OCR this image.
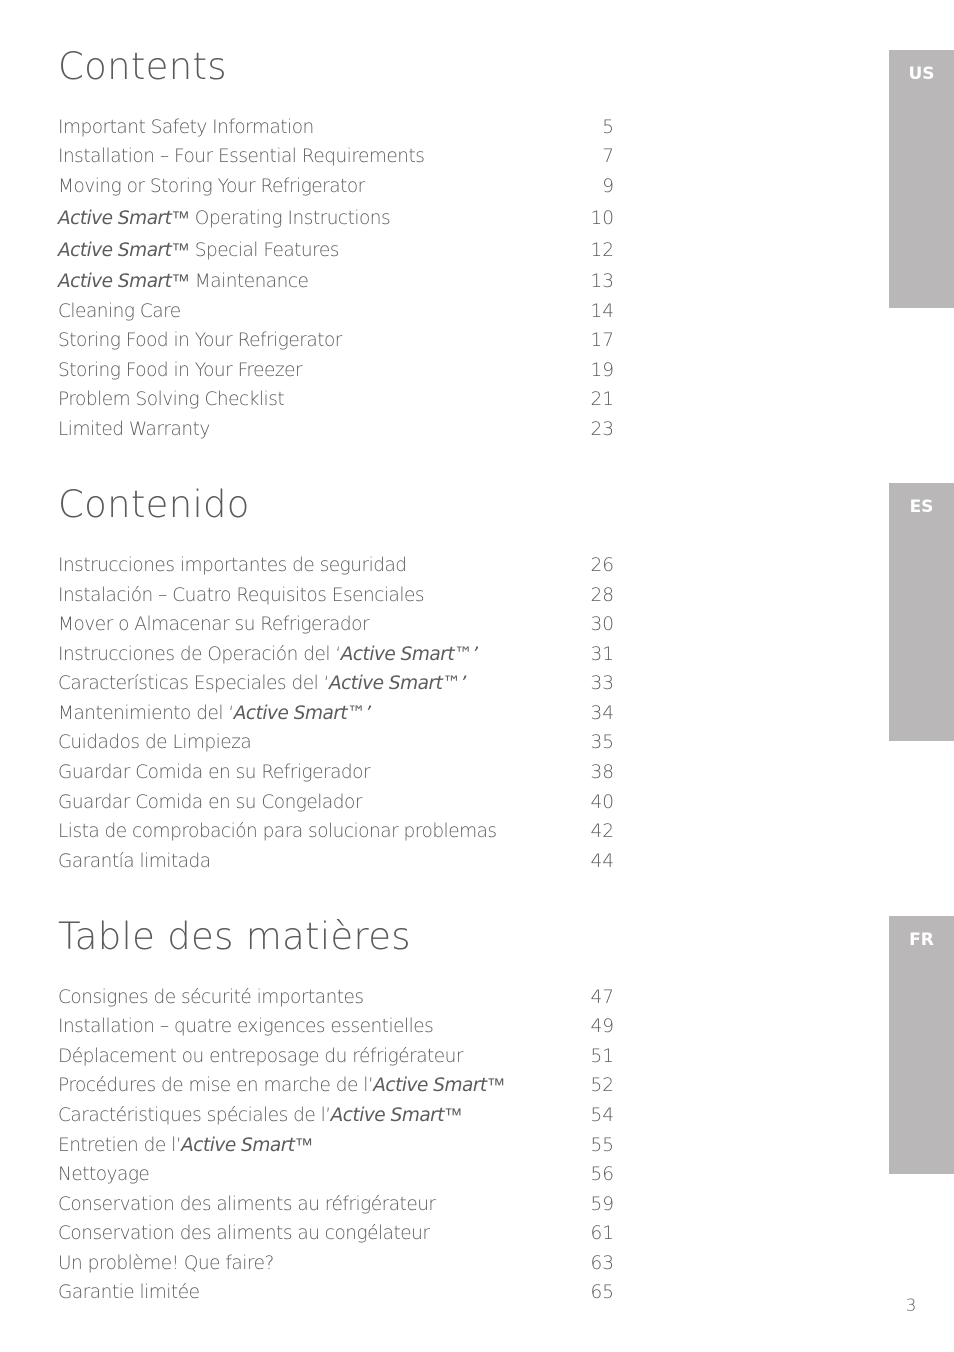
Contents
Important Safety Information	5
Installation – Four Essential Requirements	7
Moving or Storing Your Refrigerator	9
Active Smart™ Operating Instructions	10
Active Smart™ Special Features	12
Active Smart™ Maintenance	13
Cleaning Care	14
Storing Food in Your Refrigerator	17
Storing Food in Your Freezer	19
Problem Solving Checklist	21
Limited Warranty	23
Contenido
Instrucciones importantes de seguridad	26
Instalación – Cuatro Requisitos Esenciales	28
Mover o Almacenar su Refrigerador	30
Instrucciones de Operación del ‘Active Smart™’	31
Características Especiales del ‘Active Smart™’	33
Mantenimiento del ‘Active Smart™’	34
Cuidados de Limpieza	35
Guardar Comida en su Refrigerador	38
Guardar Comida en su Congelador	40
Lista de comprobación para solucionar problemas	42
Garantía limitada	44
Table des matières
Consignes de sécurité importantes	47
Installation – quatre exigences essentielles	49
Déplacement ou entreposage du réfrigérateur	51
Procédures de mise en marche de l’Active Smart™	52
Caractéristiques spéciales de l’Active Smart™	54
Entretien de l’Active Smart™	55
Nettoyage	56
Conservation des aliments au réfrigérateur	59
Conservation des aliments au congélateur	61
Un problème! Que faire?	63
Garantie limitée	65
US
ES
FR
3
